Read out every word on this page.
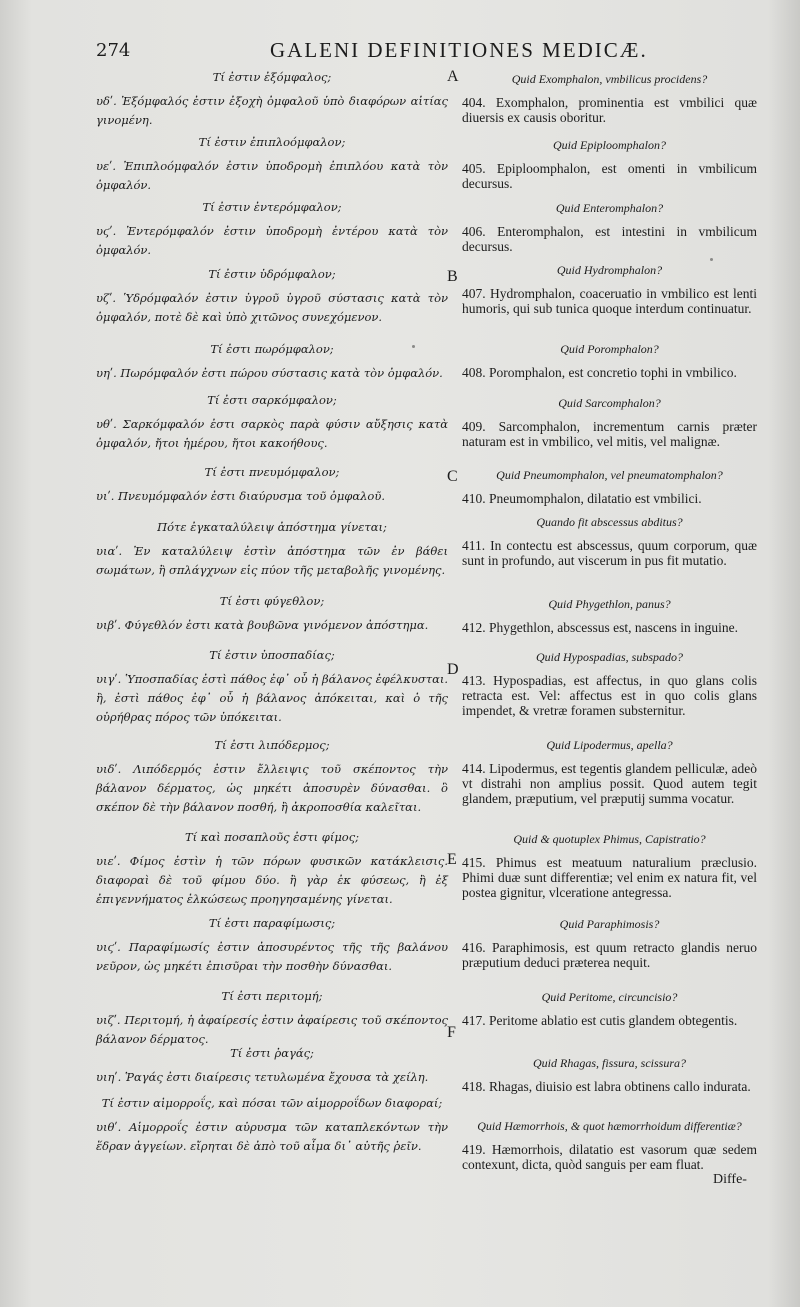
274	GALENI DEFINITIONES MEDICÆ.
A
B
C
D
E
F
Τί ἐστιν ἐξόμφαλος;
υδʹ. Ἐξόμφαλός ἐστιν ἐξοχὴ ὀμφαλοῦ ὑπὸ διαφόρων αἰτίας γινομένη.
Τί ἐστιν ἐπιπλοόμφαλον;
υεʹ. Ἐπιπλοόμφαλόν ἐστιν ὑποδρομὴ ἐπιπλόου κατὰ τὸν ὀμφαλόν.
Τί ἐστιν ἐντερόμφαλον;
υϛʹ. Ἐντερόμφαλόν ἐστιν ὑποδρομὴ ἐντέρου κατὰ τὸν ὀμφαλόν.
Τί ἐστιν ὑδρόμφαλον;
υζʹ. Ὑδρόμφαλόν ἐστιν ὑγροῦ ὑγροῦ σύστασις κατὰ τὸν ὀμφαλόν, ποτὲ δὲ καὶ ὑπὸ χιτῶνος συνεχόμενον.
Τί ἐστι πωρόμφαλον;
υηʹ. Πωρόμφαλόν ἐστι πώρου σύστασις κατὰ τὸν ὀμφαλόν.
Τί ἐστι σαρκόμφαλον;
υθʹ. Σαρκόμφαλόν ἐστι σαρκὸς παρὰ φύσιν αὔξησις κατὰ ὀμφαλόν, ἤτοι ἡμέρου, ἤτοι κακοήθους.
Τί ἐστι πνευμόμφαλον;
υιʹ. Πνευμόμφαλόν ἐστι διαύρυσμα τοῦ ὀμφαλοῦ.
Πότε ἐγκαταλύλειψ ἀπόστημα γίνεται;
υιαʹ. Ἐν καταλύλειψ ἐστὶν ἀπόστημα τῶν ἐν βάθει σωμάτων, ἢ σπλάγχνων εἰς πύον τῆς μεταβολῆς γινομένης.
Τί ἐστι φύγεθλον;
υιβʹ. Φύγεθλόν ἐστι κατὰ βουβῶνα γινόμενον ἀπόστημα.
Τί ἐστιν ὑποσπαδίας;
υιγʹ. Ὑποσπαδίας ἐστὶ πάθος ἐφ᾽ οὗ ἡ βάλανος ἐφέλκυσται. ἢ, ἐστὶ πάθος ἐφ᾽ οὗ ἡ βάλανος ἀπόκειται, καὶ ὁ τῆς οὐρήθρας πόρος τῶν ὑπόκειται.
Τί ἐστι λιπόδερμος;
υιδʹ. Λιπόδερμός ἐστιν ἔλλειψις τοῦ σκέποντος τὴν βάλανον δέρματος, ὡς μηκέτι ἀποσυρὲν δύνασθαι. ὃ σκέπον δὲ τὴν βάλανον ποσθή, ἢ ἀκροποσθία καλεῖται.
Τί καὶ ποσαπλοῦς ἐστι φίμος;
υιεʹ. Φίμος ἐστὶν ἡ τῶν πόρων φυσικῶν κατάκλεισις. διαφοραὶ δὲ τοῦ φίμου δύο. ἢ γὰρ ἐκ φύσεως, ἢ ἐξ ἐπιγεννήματος ἑλκώσεως προηγησαμένης γίνεται.
Τί ἐστι παραφίμωσις;
υιϛʹ. Παραφίμωσίς ἐστιν ἀποσυρέντος τῆς τῆς βαλάνου νεῦρον, ὡς μηκέτι ἐπισῦραι τὴν ποσθὴν δύνασθαι.
Τί ἐστι περιτομή;
υιζʹ. Περιτομή, ἡ ἀφαίρεσίς ἐστιν ἀφαίρεσις τοῦ σκέποντος βάλανον δέρματος.
Τί ἐστι ῥαγάς;
υιηʹ. Ῥαγάς ἐστι διαίρεσις τετυλωμένα ἔχουσα τὰ χείλη.
Τί ἐστιν αἱμορροΐς, καὶ πόσαι τῶν αἱμορροΐδων διαφοραί;
υιθʹ. Αἱμορροΐς ἐστιν αὐρυσμα τῶν καταπλεκόντων τὴν ἕδραν ἀγγείων. εἴρηται δὲ ἀπὸ τοῦ αἷμα δι᾽ αὐτῆς ῥεῖν.
Quid Exomphalon, vmbilicus procidens?
404. Exomphalon, prominentia est vmbilici quæ diuersis ex causis oboritur.
Quid Epiploomphalon?
405. Epiploomphalon, est omenti in vmbilicum decursus.
Quid Enteromphalon?
406. Enteromphalon, est intestini in vmbilicum decursus.
Quid Hydromphalon?
407. Hydromphalon, coaceruatio in vmbilico est lenti humoris, qui sub tunica quoque interdum continuatur.
Quid Poromphalon?
408. Poromphalon, est concretio tophi in vmbilico.
Quid Sarcomphalon?
409. Sarcomphalon, incrementum carnis præter naturam est in vmbilico, vel mitis, vel malignæ.
Quid Pneumomphalon, vel pneumatomphalon?
410. Pneumomphalon, dilatatio est vmbilici.
Quando fit abscessus abditus?
411. In contectu est abscessus, quum corporum, quæ sunt in profundo, aut viscerum in pus fit mutatio.
Quid Phygethlon, panus?
412. Phygethlon, abscessus est, nascens in inguine.
Quid Hypospadias, subspado?
413. Hypospadias, est affectus, in quo glans colis retracta est. Vel: affectus est in quo colis glans impendet, & vretræ foramen substernitur.
Quid Lipodermus, apella?
414. Lipodermus, est tegentis glandem pelliculæ, adeò vt distrahi non amplius possit. Quod autem tegit glandem, præputium, vel præputij summa vocatur.
Quid & quotuplex Phimus, Capistratio?
415. Phimus est meatuum naturalium præclusio. Phimi duæ sunt differentiæ; vel enim ex natura fit, vel postea gignitur, vlceratione antegressa.
Quid Paraphimosis?
416. Paraphimosis, est quum retracto glandis neruo præputium deduci præterea nequit.
Quid Peritome, circuncisio?
417. Peritome ablatio est cutis glandem obtegentis.
Quid Rhagas, fissura, scissura?
418. Rhagas, diuisio est labra obtinens callo indurata.
Quid Hæmorrhois, & quot hæmorrhoidum differentiæ?
419. Hæmorrhois, dilatatio est vasorum quæ sedem contexunt, dicta, quòd sanguis per eam fluat.
Diffe-
